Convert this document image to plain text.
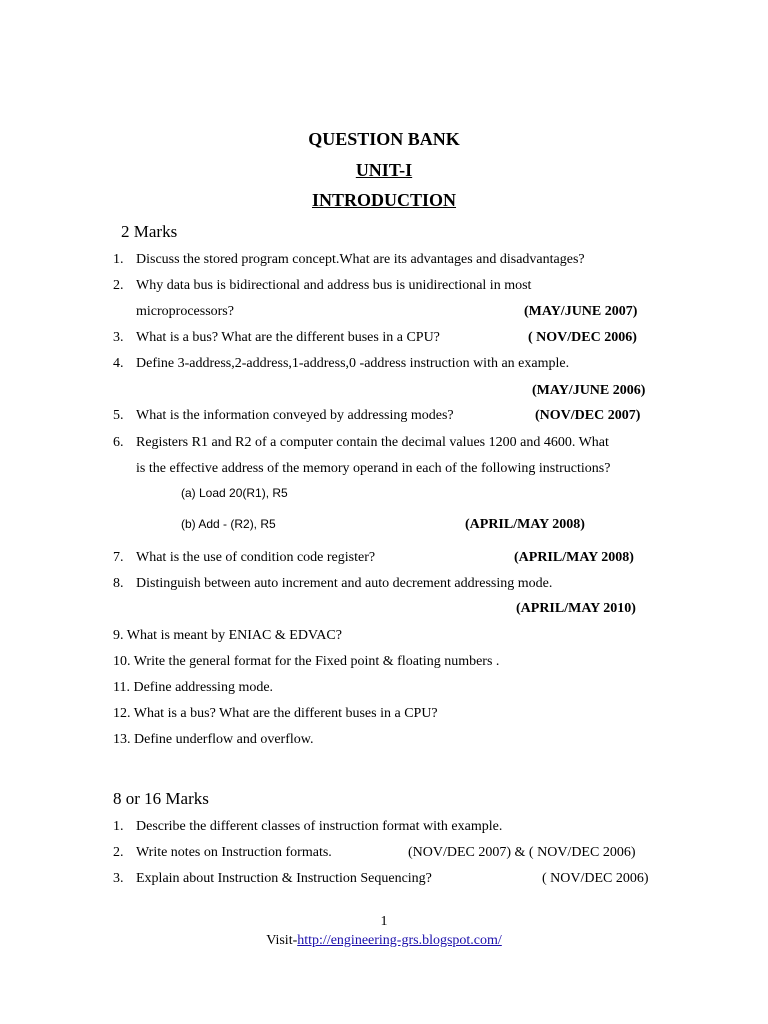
QUESTION BANK
UNIT-I
INTRODUCTION
2 Marks
1. Discuss the stored program concept.What are its advantages and disadvantages?
2. Why data bus is bidirectional and address bus is unidirectional in most
microprocessors?	(MAY/JUNE 2007)
3. What is a bus? What are the different buses in a CPU?	( NOV/DEC 2006)
4. Define 3-address,2-address,1-address,0 -address instruction with an example.
(MAY/JUNE 2006)
5. What is the information conveyed by addressing modes?	(NOV/DEC 2007)
6. Registers R1 and R2 of a computer contain the decimal values 1200 and 4600. What
is the effective address of the memory operand in each of the following instructions?
(a) Load 20(R1), R5
(b) Add - (R2), R5	(APRIL/MAY 2008)
7. What is the use of condition code register?	(APRIL/MAY 2008)
8. Distinguish between auto increment and auto decrement addressing mode.
(APRIL/MAY 2010)
9. What is meant by ENIAC & EDVAC?
10. Write the general format for the Fixed point & floating numbers .
11. Define addressing mode.
12. What is a bus? What are the different buses in a CPU?
13. Define underflow and overflow.
8 or 16 Marks
1. Describe the different classes of instruction format with example.
2. Write notes on Instruction formats.	(NOV/DEC 2007) & ( NOV/DEC 2006)
3. Explain about Instruction & Instruction Sequencing?	( NOV/DEC 2006)
1
Visit-http://engineering-grs.blogspot.com/
